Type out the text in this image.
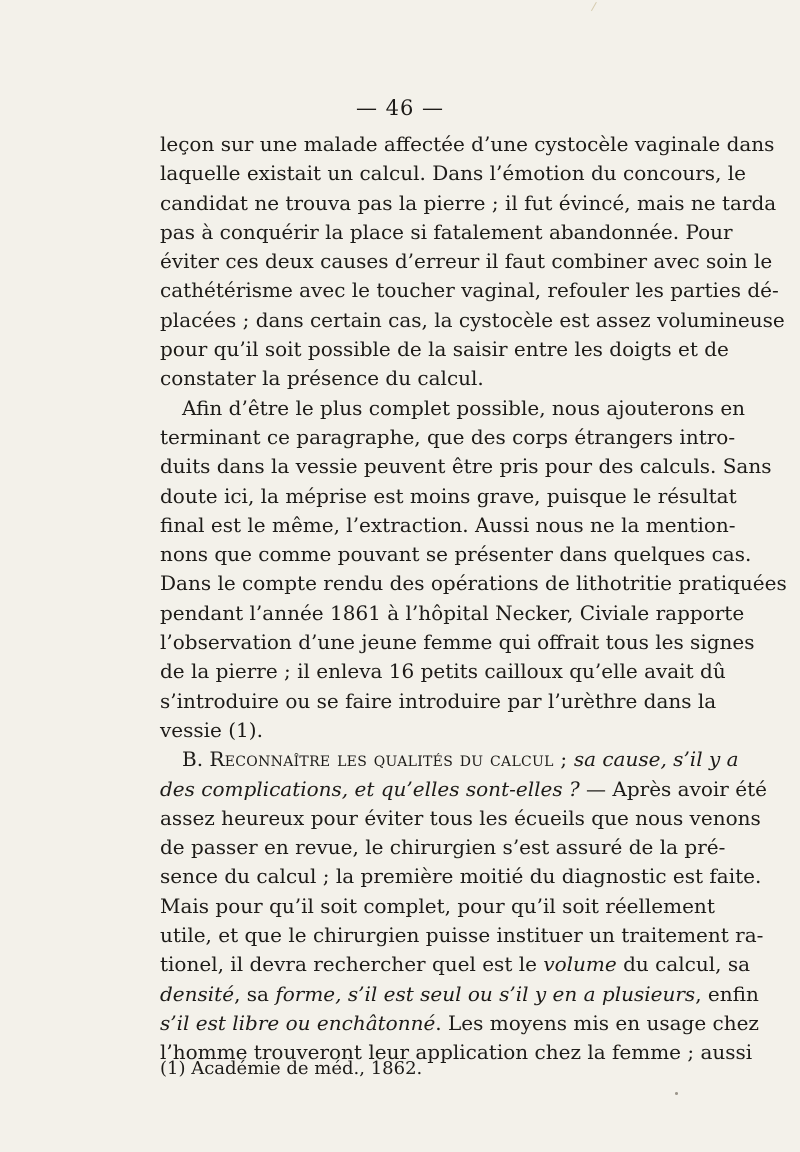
— 46 —
leçon sur une malade affectée d’une cystocèle vaginale dans
laquelle existait un calcul. Dans l’émotion du concours, le
candidat ne trouva pas la pierre ; il fut évincé, mais ne tarda
pas à conquérir la place si fatalement abandonnée. Pour
éviter ces deux causes d’erreur il faut combiner avec soin le
cathétérisme avec le toucher vaginal, refouler les parties dé-
placées ; dans certain cas, la cystocèle est assez volumineuse
pour qu’il soit possible de la saisir entre les doigts et de
constater la présence du calcul.
Afin d’être le plus complet possible, nous ajouterons en
terminant ce paragraphe, que des corps étrangers intro-
duits dans la vessie peuvent être pris pour des calculs. Sans
doute ici, la méprise est moins grave, puisque le résultat
final est le même, l’extraction. Aussi nous ne la mention-
nons que comme pouvant se présenter dans quelques cas.
Dans le compte rendu des opérations de lithotritie pratiquées
pendant l’année 1861 à l’hôpital Necker, Civiale rapporte
l’observation d’une jeune femme qui offrait tous les signes
de la pierre ; il enleva 16 petits cailloux qu’elle avait dû
s’introduire ou se faire introduire par l’urèthre dans la
vessie (1).
B. Reconnaître les qualités du calcul ; sa cause, s’il y a
des complications, et qu’elles sont-elles ? — Après avoir été
assez heureux pour éviter tous les écueils que nous venons
de passer en revue, le chirurgien s’est assuré de la pré-
sence du calcul ; la première moitié du diagnostic est faite.
Mais pour qu’il soit complet, pour qu’il soit réellement
utile, et que le chirurgien puisse instituer un traitement ra-
tionel, il devra rechercher quel est le volume du calcul, sa
densité, sa forme, s’il est seul ou s’il y en a plusieurs, enfin
s’il est libre ou enchâtonné. Les moyens mis en usage chez
l’homme trouveront leur application chez la femme ; aussi
(1) Académie de méd., 1862.
